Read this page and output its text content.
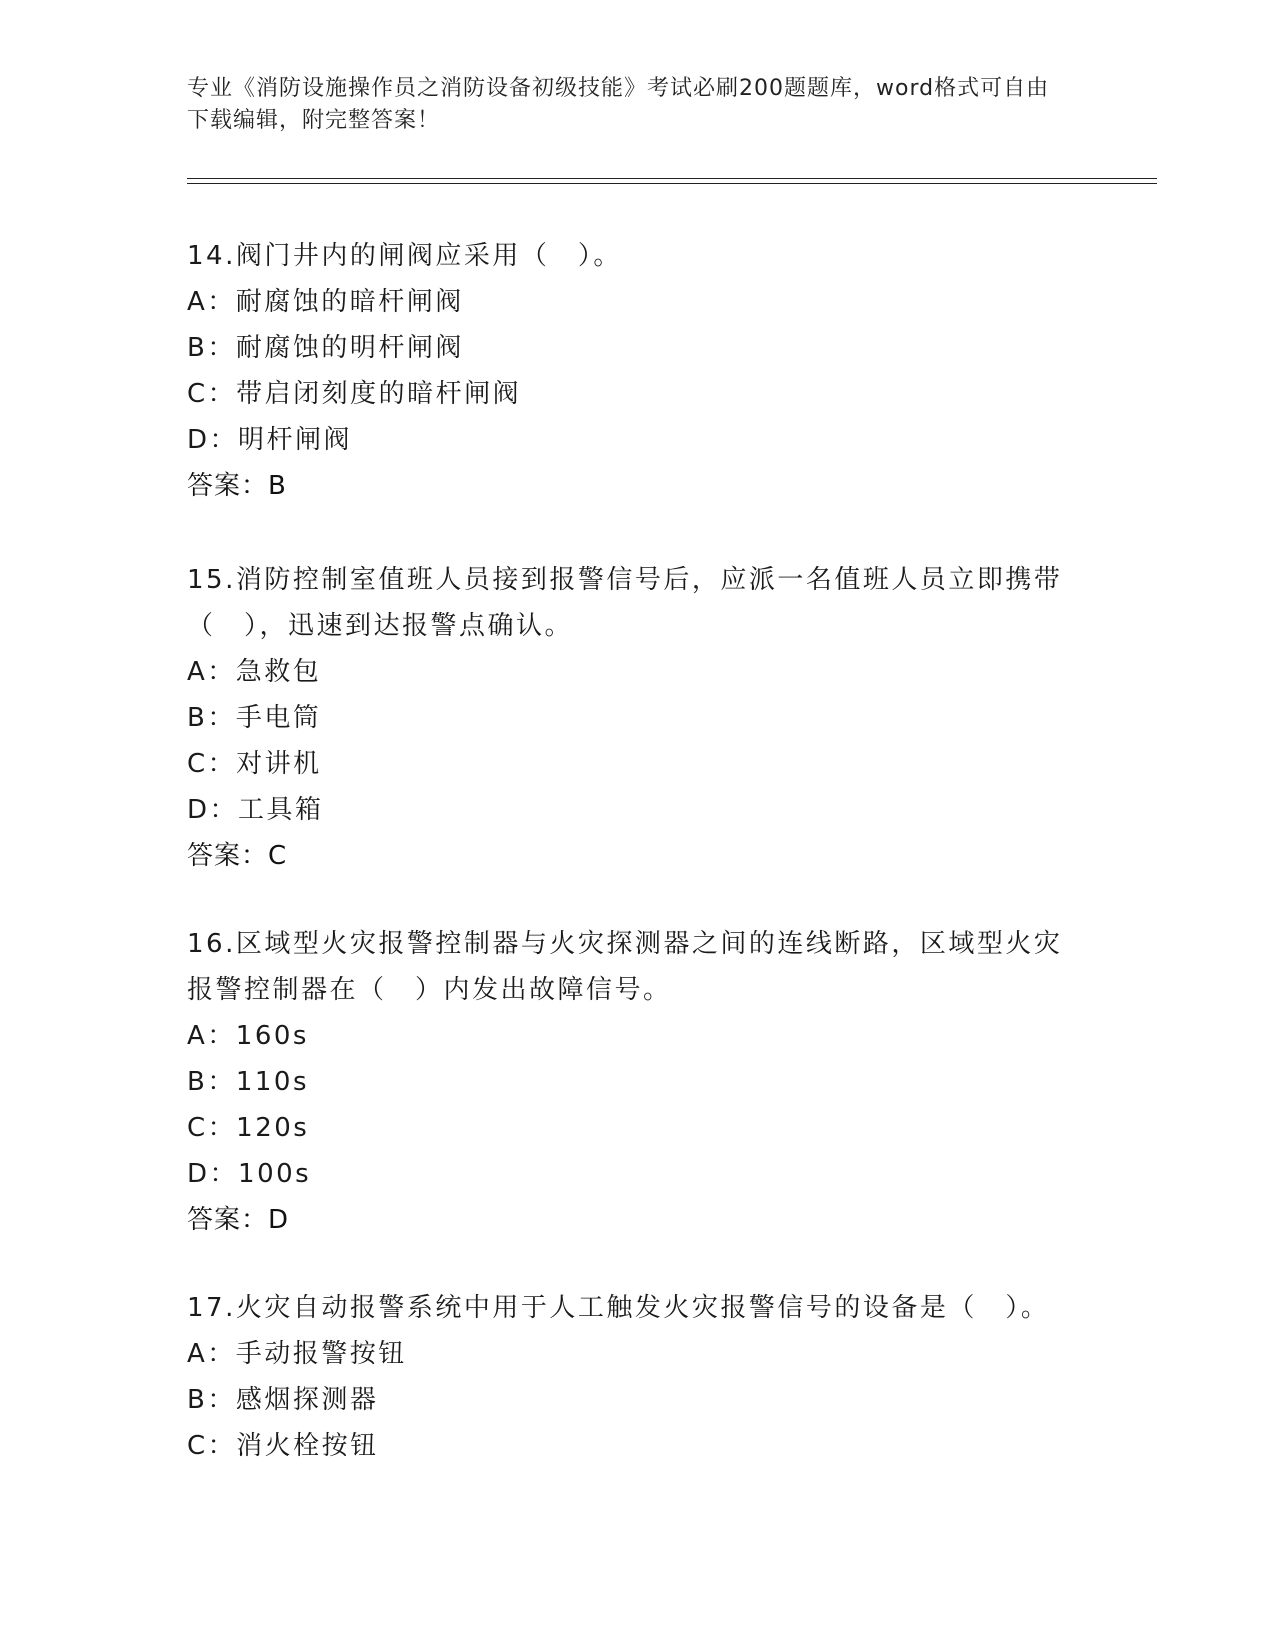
专业《消防设施操作员之消防设备初级技能》考试必刷200题题库，word格式可自由下载编辑，附完整答案！
14.阀门井内的闸阀应采用（　）。
A：耐腐蚀的暗杆闸阀
B：耐腐蚀的明杆闸阀
C：带启闭刻度的暗杆闸阀
D：明杆闸阀
答案：B
15.消防控制室值班人员接到报警信号后，应派一名值班人员立即携带
（　），迅速到达报警点确认。
A：急救包
B：手电筒
C：对讲机
D：工具箱
答案：C
16.区域型火灾报警控制器与火灾探测器之间的连线断路，区域型火灾
报警控制器在（　）内发出故障信号。
A：160s
B：110s
C：120s
D：100s
答案：D
17.火灾自动报警系统中用于人工触发火灾报警信号的设备是（　）。
A：手动报警按钮
B：感烟探测器
C：消火栓按钮
